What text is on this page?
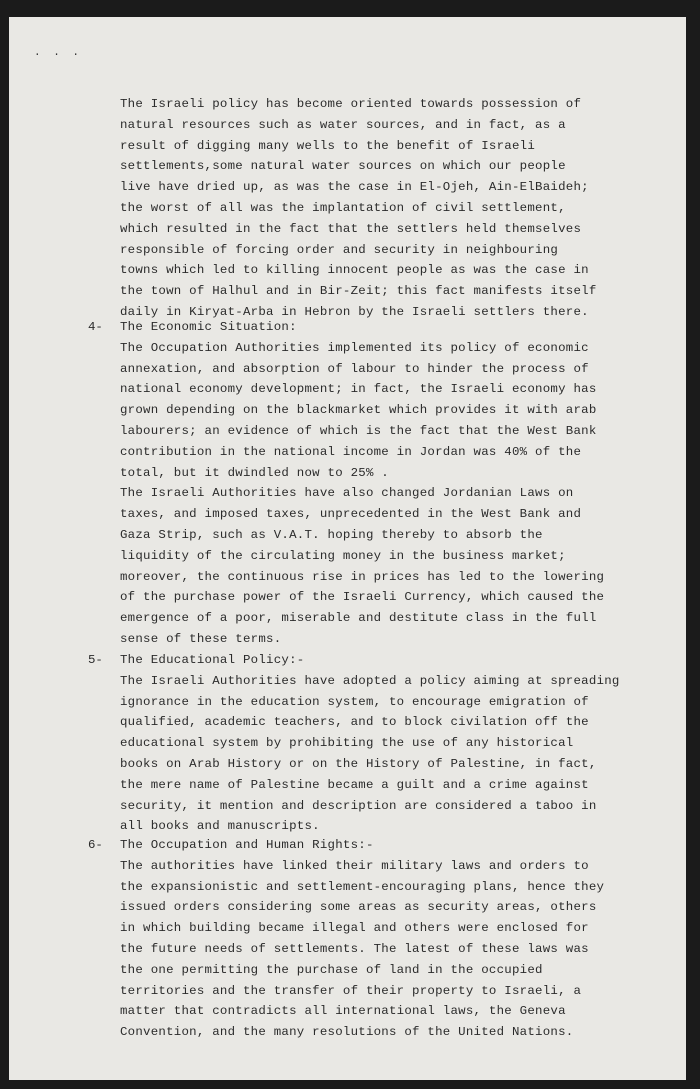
. . .
The Israeli policy has become oriented towards possession of
natural resources such as water sources, and in fact, as a
result of digging many wells to the benefit of Israeli
settlements,some natural water sources on which our people
live have dried up, as was the case in El-Ojeh, Ain-ElBaideh;
the worst of all was the implantation of civil settlement,
which resulted in the fact that the settlers held themselves
responsible of forcing order and security in neighbouring
towns which led to killing innocent people as was the case in
the town of Halhul and in Bir-Zeit; this fact manifests itself
daily in Kiryat-Arba in Hebron by the Israeli settlers there.
4- The Economic Situation:
The Occupation Authorities implemented its policy of economic
annexation, and absorption of labour to hinder the process of
national economy development; in fact, the Israeli economy has
grown depending on the blackmarket which provides it with arab
labourers; an evidence of which is the fact that the West Bank
contribution in the national income in Jordan was 40% of the
total, but it dwindled now to 25% .
The Israeli Authorities have also changed Jordanian Laws on
taxes, and imposed taxes, unprecedented in the West Bank and
Gaza Strip, such as V.A.T. hoping thereby to absorb the
liquidity of the circulating money in the business market;
moreover, the continuous rise in prices has led to the lowering
of the purchase power of the Israeli Currency, which caused the
emergence of a poor, miserable and destitute class in the full
sense of these terms.
5- The Educational Policy:-
The Israeli Authorities have adopted a policy aiming at spreading
ignorance in the education system, to encourage emigration of
qualified, academic teachers, and to block civilation off the
educational system by prohibiting the use of any historical
books on Arab History or on the History of Palestine, in fact,
the mere name of Palestine became a guilt and a crime against
security, it mention and description are considered a taboo in
all books and manuscripts.
6- The Occupation and Human Rights:-
The authorities have linked their military laws and orders to
the expansionistic and settlement-encouraging plans, hence they
issued orders considering some areas as security areas, others
in which building became illegal and others were enclosed for
the future needs of settlements. The latest of these laws was
the one permitting the purchase of land in the occupied
territories and the transfer of their property to Israeli, a
matter that contradicts all international laws, the Geneva
Convention, and the many resolutions of the United Nations.
